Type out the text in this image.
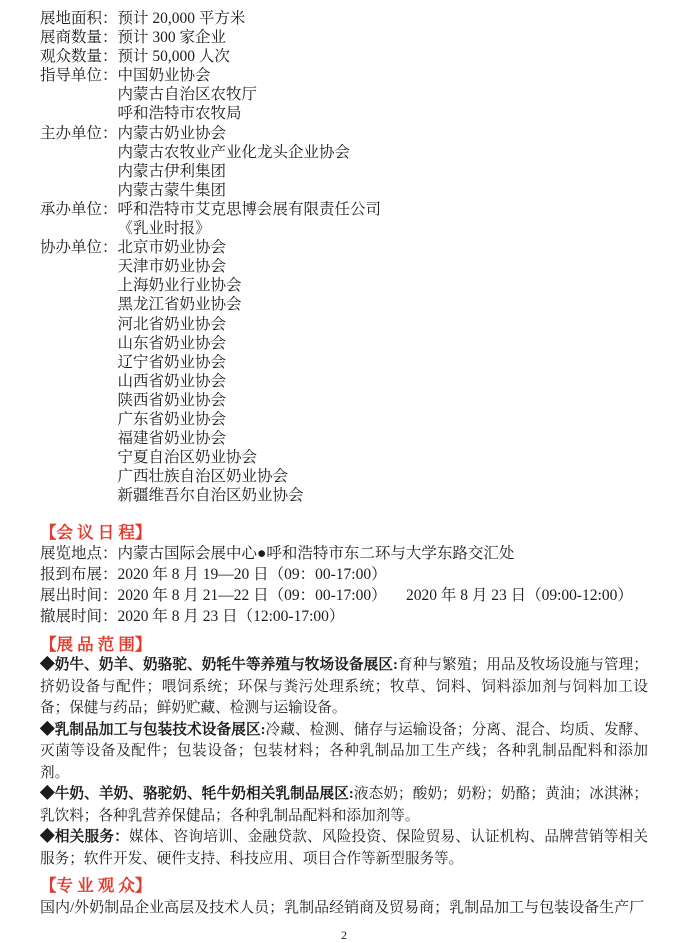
展地面积： 预计 20,000 平方米
展商数量： 预计 300 家企业
观众数量： 预计 50,000 人次
指导单位： 中国奶业协会
内蒙古自治区农牧厅
呼和浩特市农牧局
主办单位： 内蒙古奶业协会
内蒙古农牧业产业化龙头企业协会
内蒙古伊利集团
内蒙古蒙牛集团
承办单位： 呼和浩特市艾克思博会展有限责任公司
《乳业时报》
协办单位： 北京市奶业协会
天津市奶业协会
上海奶业行业协会
黑龙江省奶业协会
河北省奶业协会
山东省奶业协会
辽宁省奶业协会
山西省奶业协会
陕西省奶业协会
广东省奶业协会
福建省奶业协会
宁夏自治区奶业协会
广西壮族自治区奶业协会
新疆维吾尔自治区奶业协会
【会 议 日 程】
展览地点：内蒙古国际会展中心●呼和浩特市东二环与大学东路交汇处
报到布展：2020 年 8 月 19—20 日（09：00-17:00）
展出时间：2020 年 8 月 21—22 日（09：00-17:00）     2020 年 8 月 23 日（09:00-12:00）
撤展时间：2020 年 8 月 23 日（12:00-17:00）
【展 品 范 围】

◆奶牛、奶羊、奶骆驼、奶牦牛等养殖与牧场设备展区:育种与繁殖；用品及牧场设施与管理；挤奶设备与配件；喂饲系统；环保与粪污处理系统；牧草、饲料、饲料添加剂与饲料加工设备；保健与药品；鲜奶贮藏、检测与运输设备。

◆乳制品加工与包装技术设备展区:冷藏、检测、储存与运输设备；分离、混合、均质、发酵、灭菌等设备及配件；包装设备；包装材料；各种乳制品加工生产线；各种乳制品配料和添加剂。

◆牛奶、羊奶、骆驼奶、牦牛奶相关乳制品展区:液态奶；酸奶；奶粉；奶酪；黄油；冰淇淋；乳饮料；各种乳营养保健品；各种乳制品配料和添加剂等。

◆相关服务：媒体、咨询培训、金融贷款、风险投资、保险贸易、认证机构、品牌营销等相关服务；软件开发、硬件支持、科技应用、项目合作等新型服务等。

【专 业 观 众】

国内/外奶制品企业高层及技术人员；乳制品经销商及贸易商；乳制品加工与包装设备生产厂

2
